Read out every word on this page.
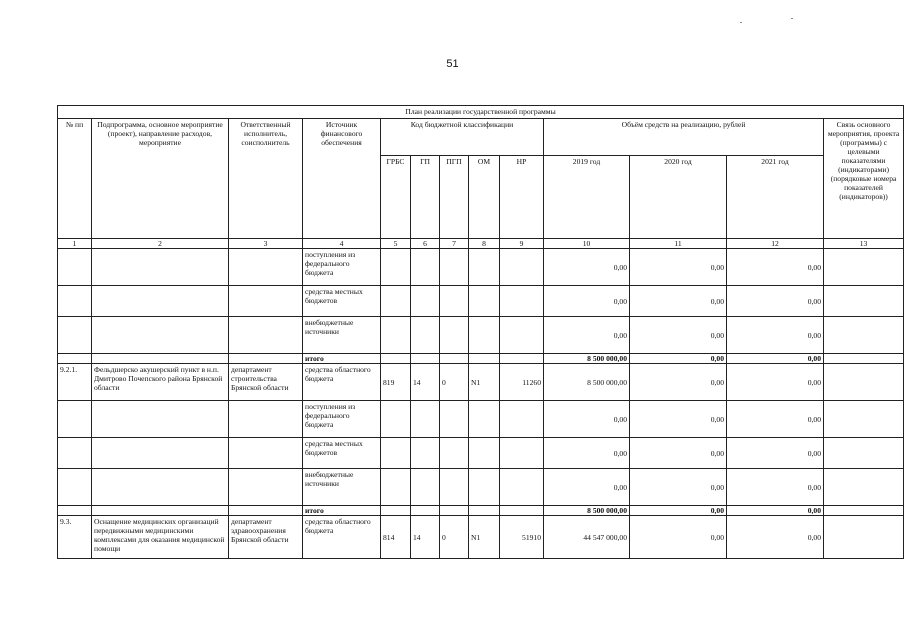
51
План реализации государственной программы												
№ пп	Подпрограмма, основное мероприятие (проект), направление расходов, мероприятие	Ответственный исполнитель, соисполнитель	Источник финансового обеспечения	Код бюджетной классификации					Объём средств на реализацию, рублей			Связь основного мероприятия, проекта (программы) с целевыми показателями (индикаторами) (порядковые номера показателей (индикаторов))
				ГРБС	ГП	ПГП	ОМ	НР	2019 год	2020 год	2021 год	
1	2	3	4	5	6	7	8	9	10	11	12	13
			поступления из федерального бюджета						0,00	0,00	0,00	
			средства местных бюджетов						0,00	0,00	0,00	
			внебюджетные источники						0,00	0,00	0,00	
			итого						8 500 000,00	0,00	0,00	
9.2.1.	Фельдшерско акушерский пункт в н.п. Дмитрово Почепского района Брянской области	департамент строительства Брянской области	средства областного бюджета	819	14	0	N1	11260	8 500 000,00	0,00	0,00	
			поступления из федерального бюджета						0,00	0,00	0,00	
			средства местных бюджетов						0,00	0,00	0,00	
			внебюджетные источники						0,00	0,00	0,00	
			итого						8 500 000,00	0,00	0,00	
9.3.	Оснащение медицинских организаций передвижными медицинскими комплексами для оказания медицинской помощи	департамент здравоохранения Брянской области	средства областного бюджета	814	14	0	N1	51910	44 547 000,00	0,00	0,00	
